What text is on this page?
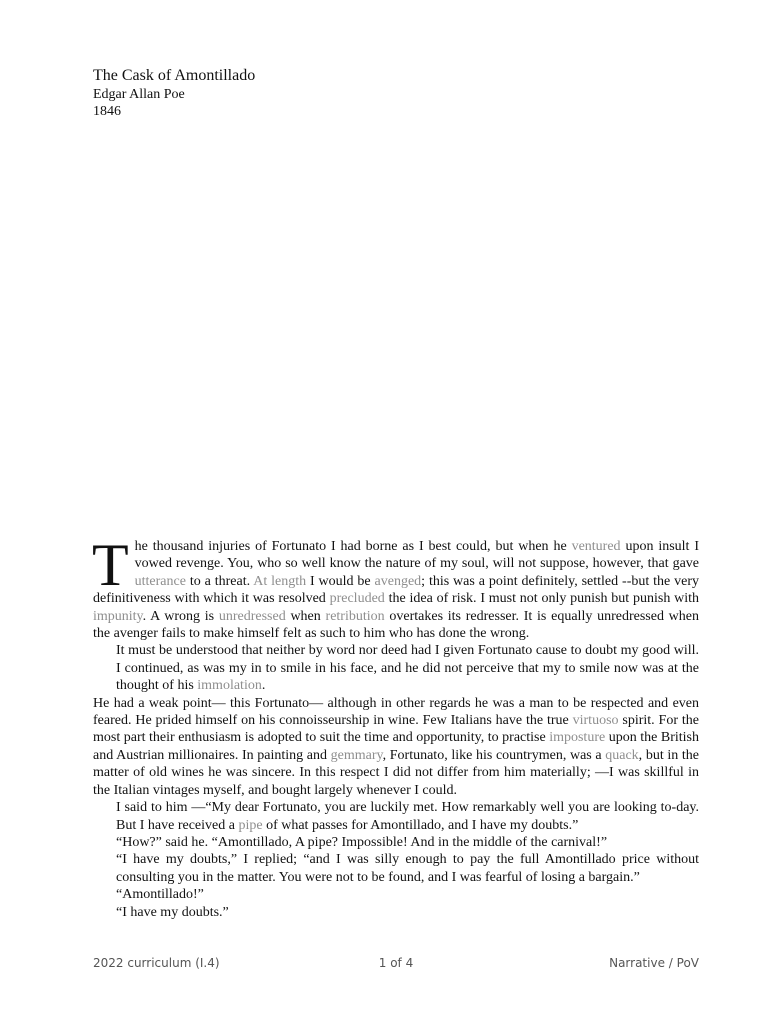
The Cask of Amontillado
Edgar Allan Poe
1846

The thousand injuries of Fortunato I had borne as I best could, but when he ventured upon insult I vowed revenge. You, who so well know the nature of my soul, will not suppose, however, that gave utterance to a threat. At length I would be avenged; this was a point definitely, settled --but the very definitiveness with which it was resolved precluded the idea of risk. I must not only punish but punish with impunity. A wrong is unredressed when retribution overtakes its redresser. It is equally unredressed when the avenger fails to make himself felt as such to him who has done the wrong.

It must be understood that neither by word nor deed had I given Fortunato cause to doubt my good will. I continued, as was my in to smile in his face, and he did not perceive that my to smile now was at the thought of his immolation.

He had a weak point— this Fortunato— although in other regards he was a man to be respected and even feared. He prided himself on his connoisseurship in wine. Few Italians have the true virtuoso spirit. For the most part their enthusiasm is adopted to suit the time and opportunity, to practise imposture upon the British and Austrian millionaires. In painting and gemmary, Fortunato, like his countrymen, was a quack, but in the matter of old wines he was sincere. In this respect I did not differ from him materially; —I was skillful in the Italian vintages myself, and bought largely whenever I could.

I said to him —“My dear Fortunato, you are luckily met. How remarkably well you are looking to-day. But I have received a pipe of what passes for Amontillado, and I have my doubts.”

“How?” said he. “Amontillado, A pipe? Impossible! And in the middle of the carnival!”

“I have my doubts,” I replied; “and I was silly enough to pay the full Amontillado price without consulting you in the matter. You were not to be found, and I was fearful of losing a bargain.”

“Amontillado!”

“I have my doubts.”

1 of 4
2022 curriculum (I.4)	Narrative / PoV
